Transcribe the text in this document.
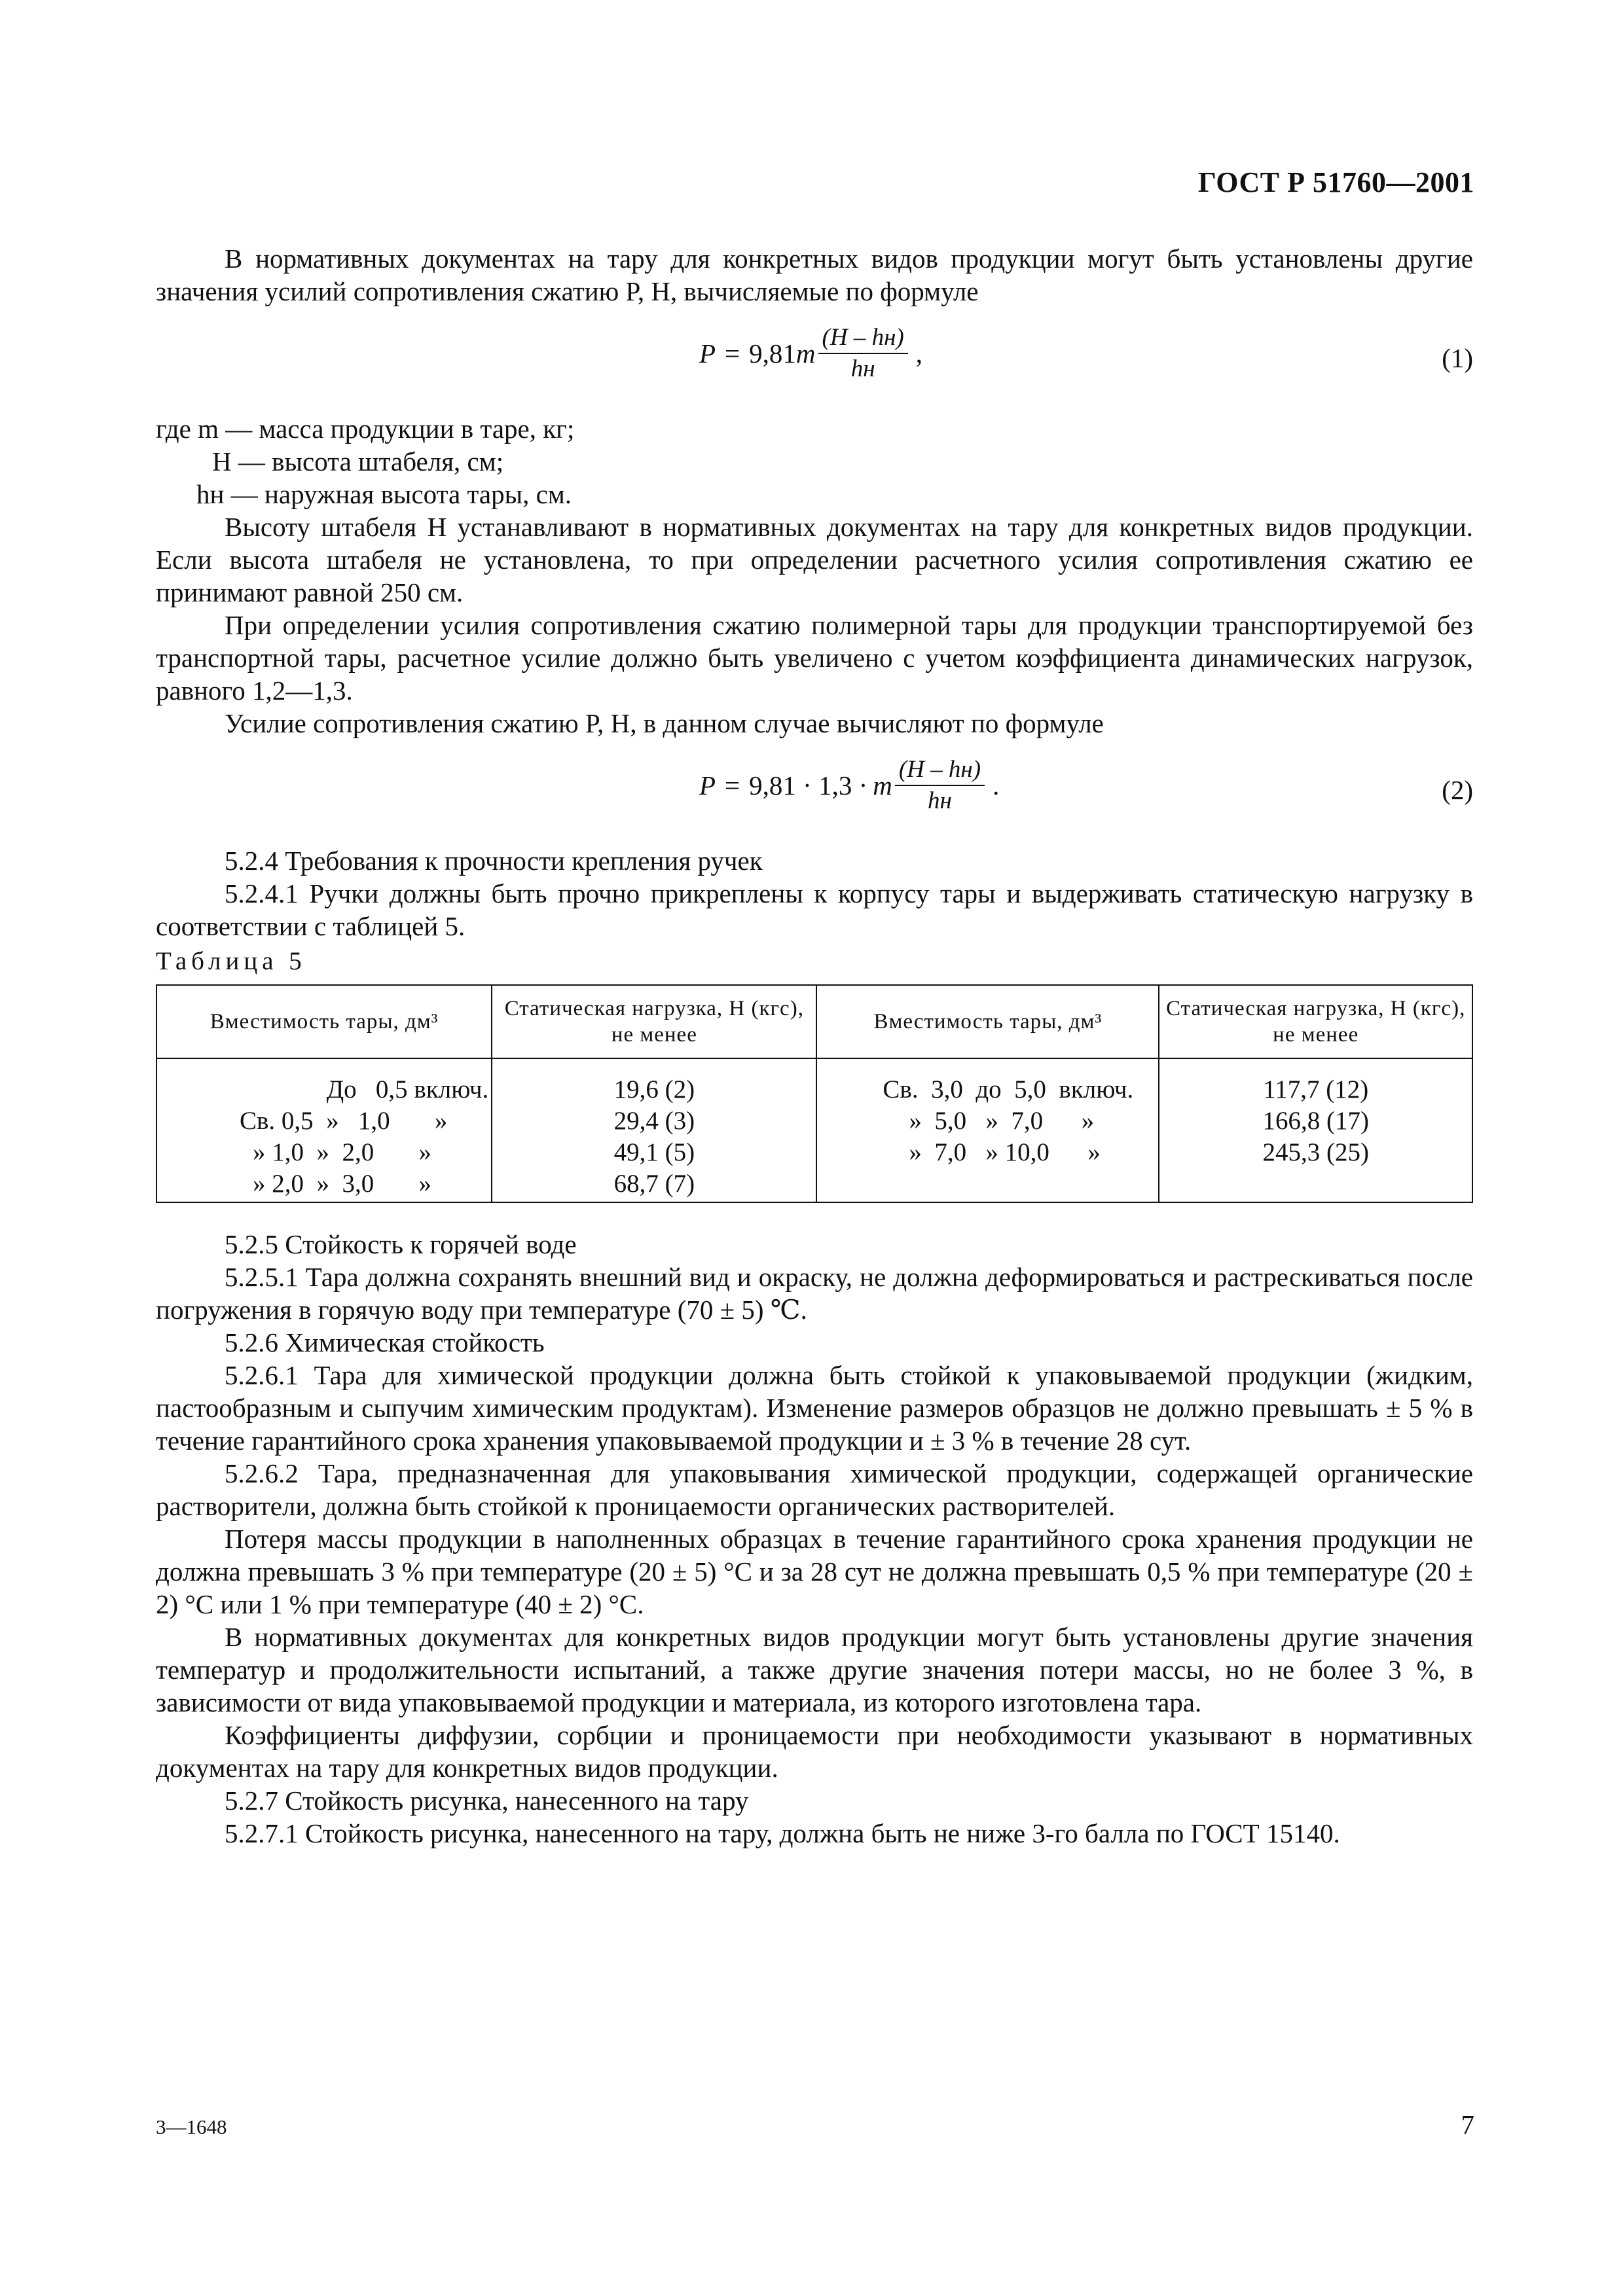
ГОСТ Р 51760—2001

В нормативных документах на тару для конкретных видов продукции могут быть установлены другие значения усилий сопротивления сжатию P, Н, вычисляемые по формуле

P = 9,81 m $\frac{(H - hн)}{hн}$ ,	(1)

где m — масса продукции в таре, кг;

H — высота штабеля, см;

hн — наружная высота тары, см.

Высоту штабеля H устанавливают в нормативных документах на тару для конкретных видов продукции. Если высота штабеля не установлена, то при определении расчетного усилия сопротивления сжатию ее принимают равной 250 см.

При определении усилия сопротивления сжатию полимерной тары для продукции транспортируемой без транспортной тары, расчетное усилие должно быть увеличено с учетом коэффициента динамических нагрузок, равного 1,2—1,3.

Усилие сопротивления сжатию P, Н, в данном случае вычисляют по формуле

P = 9,81 · 1,3 · m $\frac{(H - hн)}{hн}$ .	(2)

5.2.4 Требования к прочности крепления ручек

5.2.4.1 Ручки должны быть прочно прикреплены к корпусу тары и выдерживать статическую нагрузку в соответствии с таблицей 5.

Таблица 5

Вместимость тары, дм³	Статическая нагрузка, Н (кгс), не менее	Вместимость тары, дм³	Статическая нагрузка, Н (кгс), не менее

До   0,5 включ.	19,6 (2)	Св.  3,0  до  5,0  включ.	117,7 (12)

Св. 0,5  »   1,0       »	29,4 (3)	»  5,0   »  7,0      »	166,8 (17)

» 1,0  »  2,0       »	49,1 (5)	»  7,0   » 10,0      »	245,3 (25)

» 2,0  »  3,0       »	68,7 (7)		

5.2.5 Стойкость к горячей воде

5.2.5.1 Тара должна сохранять внешний вид и окраску, не должна деформироваться и растрескиваться после погружения в горячую воду при температуре (70 ± 5) ℃.

5.2.6 Химическая стойкость

5.2.6.1 Тара для химической продукции должна быть стойкой к упаковываемой продукции (жидким, пастообразным и сыпучим химическим продуктам). Изменение размеров образцов не должно превышать ± 5 % в течение гарантийного срока хранения упаковываемой продукции и ± 3 % в течение 28 сут.

5.2.6.2 Тара, предназначенная для упаковывания химической продукции, содержащей органические растворители, должна быть стойкой к проницаемости органических растворителей.

Потеря массы продукции в наполненных образцах в течение гарантийного срока хранения продукции не должна превышать 3 % при температуре (20 ± 5) °С и за 28 сут не должна превышать 0,5 % при температуре (20 ± 2) °С или 1 % при температуре (40 ± 2) °С.

В нормативных документах для конкретных видов продукции могут быть установлены другие значения температур и продолжительности испытаний, а также другие значения потери массы, но не более 3 %, в зависимости от вида упаковываемой продукции и материала, из которого изготовлена тара.

Коэффициенты диффузии, сорбции и проницаемости при необходимости указывают в нормативных документах на тару для конкретных видов продукции.

5.2.7 Стойкость рисунка, нанесенного на тару

5.2.7.1 Стойкость рисунка, нанесенного на тару, должна быть не ниже 3-го балла по ГОСТ 15140.

3—1648	7
